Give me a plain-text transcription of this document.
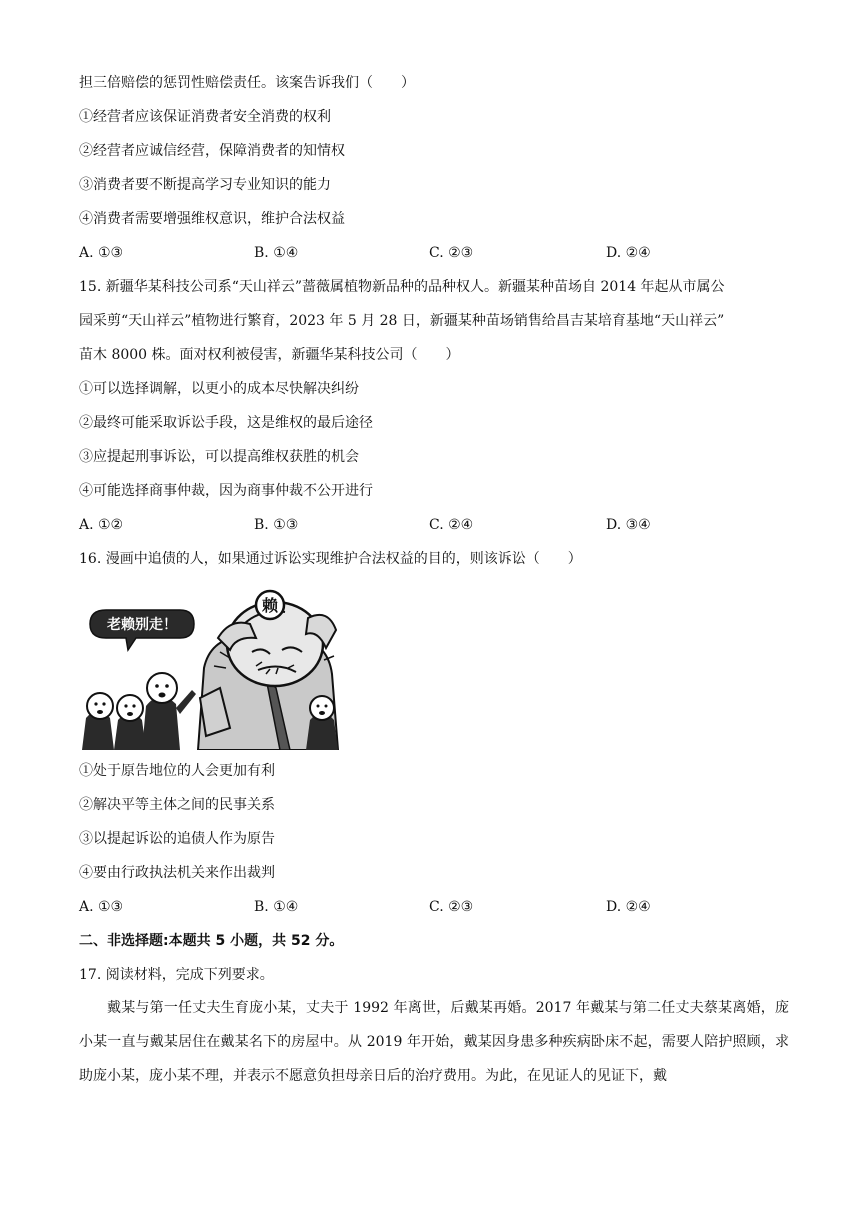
担三倍赔偿的惩罚性赔偿责任。该案告诉我们（　　）
①经营者应该保证消费者安全消费的权利
②经营者应诚信经营，保障消费者的知情权
③消费者要不断提高学习专业知识的能力
④消费者需要增强维权意识，维护合法权益
A. ①③	B. ①④	C. ②③	D. ②④
15. 新疆华某科技公司系“天山祥云”蔷薇属植物新品种的品种权人。新疆某种苗场自 2014 年起从市属公
园采剪“天山祥云”植物进行繁育，2023 年 5 月 28 日，新疆某种苗场销售给昌吉某培育基地“天山祥云”
苗木 8000 株。面对权利被侵害，新疆华某科技公司（　　）
①可以选择调解，以更小的成本尽快解决纠纷
②最终可能采取诉讼手段，这是维权的最后途径
③应提起刑事诉讼，可以提高维权获胜的机会
④可能选择商事仲裁，因为商事仲裁不公开进行
A. ①②	B. ①③	C. ②④	D. ③④
16. 漫画中追债的人，如果通过诉讼实现维护合法权益的目的，则该诉讼（　　）
赖
老赖别走！
①处于原告地位的人会更加有利
②解决平等主体之间的民事关系
③以提起诉讼的追债人作为原告
④要由行政执法机关来作出裁判
A. ①③	B. ①④	C. ②③	D. ②④
二、非选择题:本题共 5 小题，共 52 分。
17. 阅读材料，完成下列要求。

戴某与第一任丈夫生育庞小某，丈夫于 1992 年离世，后戴某再婚。2017 年戴某与第二任丈夫蔡某离婚，庞小某一直与戴某居住在戴某名下的房屋中。从 2019 年开始，戴某因身患多种疾病卧床不起，需要人陪护照顾，求助庞小某，庞小某不理，并表示不愿意负担母亲日后的治疗费用。为此，在见证人的见证下，戴
